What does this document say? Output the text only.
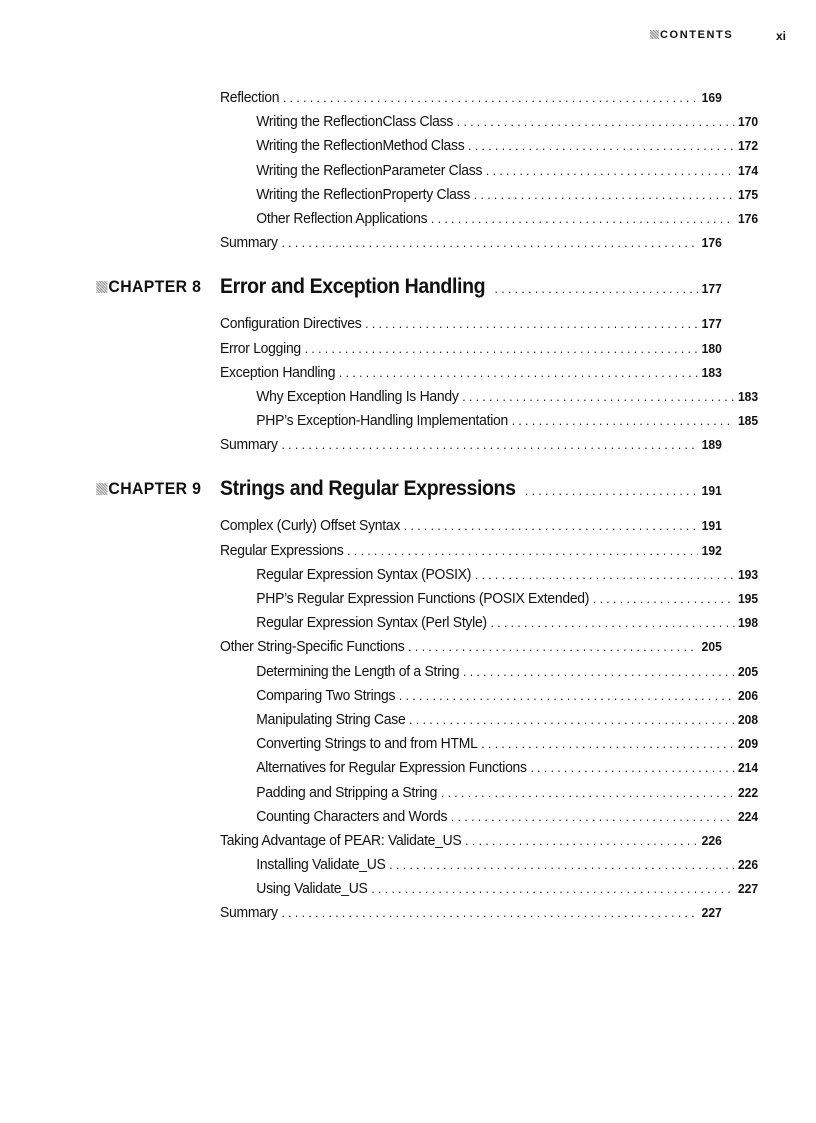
CONTENTS	xi
Reflection . . .	169
Writing the ReflectionClass Class . . .	170
Writing the ReflectionMethod Class . . .	172
Writing the ReflectionParameter Class . . .	174
Writing the ReflectionProperty Class . . .	175
Other Reflection Applications . . .	176
Summary . . .	176
CHAPTER 8 Error and Exception Handling . . .	177
Configuration Directives . . .	177
Error Logging . . .	180
Exception Handling . . .	183
Why Exception Handling Is Handy . . .	183
PHP’s Exception-Handling Implementation . . .	185
Summary . . .	189
CHAPTER 9 Strings and Regular Expressions . . .	191
Complex (Curly) Offset Syntax . . .	191
Regular Expressions . . .	192
Regular Expression Syntax (POSIX) . . .	193
PHP’s Regular Expression Functions (POSIX Extended) . . .	195
Regular Expression Syntax (Perl Style) . . .	198
Other String-Specific Functions . . .	205
Determining the Length of a String . . .	205
Comparing Two Strings . . .	206
Manipulating String Case . . .	208
Converting Strings to and from HTML . . .	209
Alternatives for Regular Expression Functions . . .	214
Padding and Stripping a String . . .	222
Counting Characters and Words . . .	224
Taking Advantage of PEAR: Validate_US . . .	226
Installing Validate_US . . .	226
Using Validate_US . . .	227
Summary . . .	227
